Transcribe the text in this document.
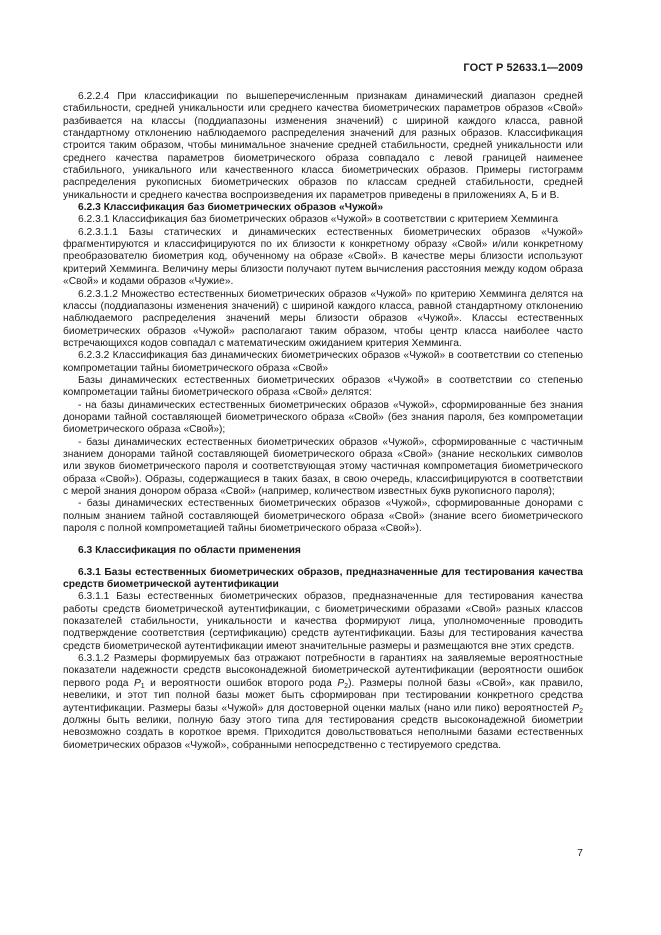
ГОСТ Р 52633.1—2009

6.2.2.4 При классификации по вышеперечисленным признакам динамический диапазон средней стабильности, средней уникальности или среднего качества биометрических параметров образов «Свой» разбивается на классы (поддиапазоны изменения значений) с шириной каждого класса, равной стандартному отклонению наблюдаемого распределения значений для разных образов. Классификация строится таким образом, чтобы минимальное значение средней стабильности, средней уникальности или среднего качества параметров биометрического образа совпадало с левой границей наименее стабильного, уникального или качественного класса биометрических образов. Примеры гистограмм распределения рукописных биометрических образов по классам средней стабильности, средней уникальности и среднего качества воспроизведения их параметров приведены в приложениях А, Б и В.

6.2.3 Классификация баз биометрических образов «Чужой»

6.2.3.1 Классификация баз биометрических образов «Чужой» в соответствии с критерием Хемминга

6.2.3.1.1 Базы статических и динамических естественных биометрических образов «Чужой» фрагментируются и классифицируются по их близости к конкретному образу «Свой» и/или конкретному преобразователю биометрия код, обученному на образе «Свой». В качестве меры близости используют критерий Хемминга. Величину меры близости получают путем вычисления расстояния между кодом образа «Свой» и кодами образов «Чужие».

6.2.3.1.2 Множество естественных биометрических образов «Чужой» по критерию Хемминга делятся на классы (поддиапазоны изменения значений) с шириной каждого класса, равной стандартному отклонению наблюдаемого распределения значений меры близости образов «Чужой». Классы естественных биометрических образов «Чужой» располагают таким образом, чтобы центр класса наиболее часто встречающихся кодов совпадал с математическим ожиданием критерия Хемминга.

6.2.3.2 Классификация баз динамических биометрических образов «Чужой» в соответствии со степенью компрометации тайны биометрического образа «Свой»

Базы динамических естественных биометрических образов «Чужой» в соответствии со степенью компрометации тайны биометрического образа «Свой» делятся:

- на базы динамических естественных биометрических образов «Чужой», сформированные без знания донорами тайной составляющей биометрического образа «Свой» (без знания пароля, без компрометации биометрического образа «Свой»);

- базы динамических естественных биометрических образов «Чужой», сформированные с частичным знанием донорами тайной составляющей биометрического образа «Свой» (знание нескольких символов или звуков биометрического пароля и соответствующая этому частичная компрометация биометрического образа «Свой»). Образы, содержащиеся в таких базах, в свою очередь, классифицируются в соответствии с мерой знания донором образа «Свой» (например, количеством известных букв рукописного пароля);

- базы динамических естественных биометрических образов «Чужой», сформированные донорами с полным знанием тайной составляющей биометрического образа «Свой» (знание всего биометрического пароля с полной компрометацией тайны биометрического образа «Свой»).

6.3 Классификация по области применения

6.3.1 Базы естественных биометрических образов, предназначенные для тестирования качества средств биометрической аутентификации

6.3.1.1 Базы естественных биометрических образов, предназначенные для тестирования качества работы средств биометрической аутентификации, с биометрическими образами «Свой» разных классов показателей стабильности, уникальности и качества формируют лица, уполномоченные проводить подтверждение соответствия (сертификацию) средств аутентификации. Базы для тестирования качества средств биометрической аутентификации имеют значительные размеры и размещаются вне этих средств.

6.3.1.2 Размеры формируемых баз отражают потребности в гарантиях на заявляемые вероятностные показатели надежности средств высоконадежной биометрической аутентификации (вероятности ошибок первого рода $P_1$ и вероятности ошибок второго рода $P_2$). Размеры полной базы «Свой», как правило, невелики, и этот тип полной базы может быть сформирован при тестировании конкретного средства аутентификации. Размеры базы «Чужой» для достоверной оценки малых (нано или пико) вероятностей $P_2$ должны быть велики, полную базу этого типа для тестирования средств высоконадежной биометрии невозможно создать в короткое время. Приходится довольствоваться неполными базами естественных биометрических образов «Чужой», собранными непосредственно с тестируемого средства.

7
